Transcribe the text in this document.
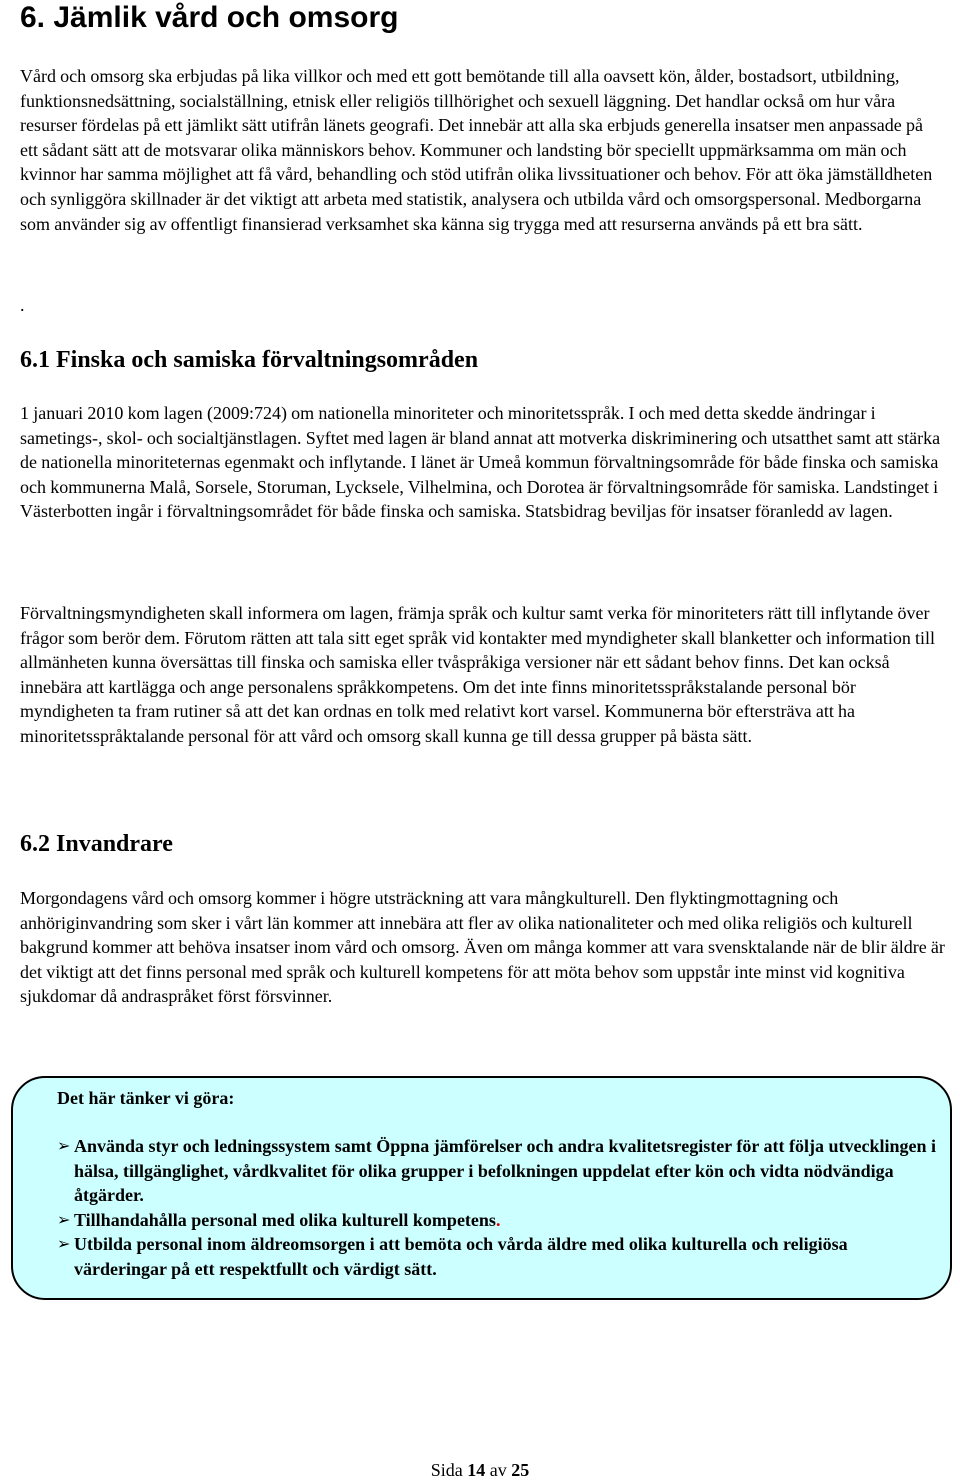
6. Jämlik vård och omsorg

Vård och omsorg ska erbjudas på lika villkor och med ett gott bemötande till alla oavsett kön, ålder, bostadsort, utbildning, funktionsnedsättning, socialställning, etnisk eller religiös tillhörighet och sexuell läggning. Det handlar också om hur våra resurser fördelas på ett jämlikt sätt utifrån länets geografi. Det innebär att alla ska erbjuds generella insatser men anpassade på ett sådant sätt att de motsvarar olika människors behov. Kommuner och landsting bör speciellt uppmärksamma om män och kvinnor har samma möjlighet att få vård, behandling och stöd utifrån olika livssituationer och behov. För att öka jämställdheten och synliggöra skillnader är det viktigt att arbeta med statistik, analysera och utbilda vård och omsorgspersonal. Medborgarna som använder sig av offentligt finansierad verksamhet ska känna sig trygga med att resurserna används på ett bra sätt.

.

6.1 Finska och samiska förvaltningsområden

1 januari 2010 kom lagen (2009:724) om nationella minoriteter och minoritetsspråk. I och med detta skedde ändringar i sametings-, skol- och socialtjänstlagen. Syftet med lagen är bland annat att motverka diskriminering och utsatthet samt att stärka de nationella minoriteternas egenmakt och inflytande. I länet är Umeå kommun förvaltningsområde för både finska och samiska och kommunerna Malå, Sorsele, Storuman, Lycksele, Vilhelmina, och Dorotea är förvaltningsområde för samiska. Landstinget i Västerbotten ingår i förvaltningsområdet för både finska och samiska. Statsbidrag beviljas för insatser föranledd av lagen.

Förvaltningsmyndigheten skall informera om lagen, främja språk och kultur samt verka för minoriteters rätt till inflytande över frågor som berör dem. Förutom rätten att tala sitt eget språk vid kontakter med myndigheter skall blanketter och information till allmänheten kunna översättas till finska och samiska eller tvåspråkiga versioner när ett sådant behov finns. Det kan också innebära att kartlägga och ange personalens språkkompetens. Om det inte finns minoritetsspråkstalande personal bör myndigheten ta fram rutiner så att det kan ordnas en tolk med relativt kort varsel. Kommunerna bör eftersträva att ha minoritetsspråktalande personal för att vård och omsorg skall kunna ge till dessa grupper på bästa sätt.

6.2 Invandrare

Morgondagens vård och omsorg kommer i högre utsträckning att vara mångkulturell. Den flyktingmottagning och anhöriginvandring som sker i vårt län kommer att innebära att fler av olika nationaliteter och med olika religiös och kulturell bakgrund kommer att behöva insatser inom vård och omsorg. Även om många kommer att vara svensktalande när de blir äldre är det viktigt att det finns personal med språk och kulturell kompetens för att möta behov som uppstår inte minst vid kognitiva sjukdomar då andraspråket först försvinner.

Det här tänker vi göra:

➢ Använda styr och ledningssystem samt Öppna jämförelser och andra kvalitetsregister för att följa utvecklingen i hälsa, tillgänglighet, vårdkvalitet för olika grupper i befolkningen uppdelat efter kön och vidta nödvändiga åtgärder.
➢ Tillhandahålla personal med olika kulturell kompetens.
➢ Utbilda personal inom äldreomsorgen i att bemöta och vårda äldre med olika kulturella och religiösa värderingar på ett respektfullt och värdigt sätt.

Sida 14 av 25
